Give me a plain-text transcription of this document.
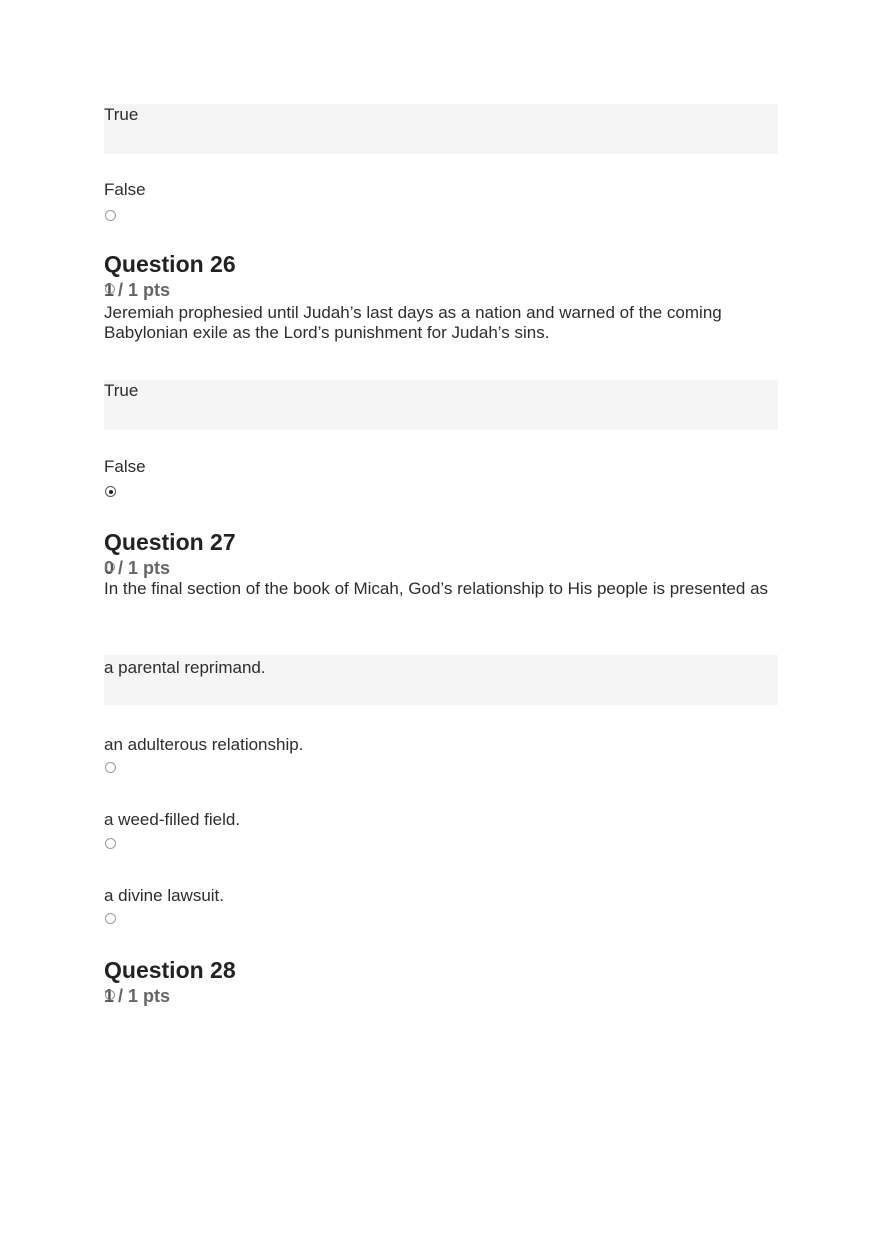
True
False
Question 26
1 / 1 pts
Jeremiah prophesied until Judah’s last days as a nation and warned of the coming Babylonian exile as the Lord’s punishment for Judah’s sins.
True
False
Question 27
0 / 1 pts
In the final section of the book of Micah, God’s relationship to His people is presented as
a parental reprimand.
an adulterous relationship.
a weed-filled field.
a divine lawsuit.
Question 28
1 / 1 pts
